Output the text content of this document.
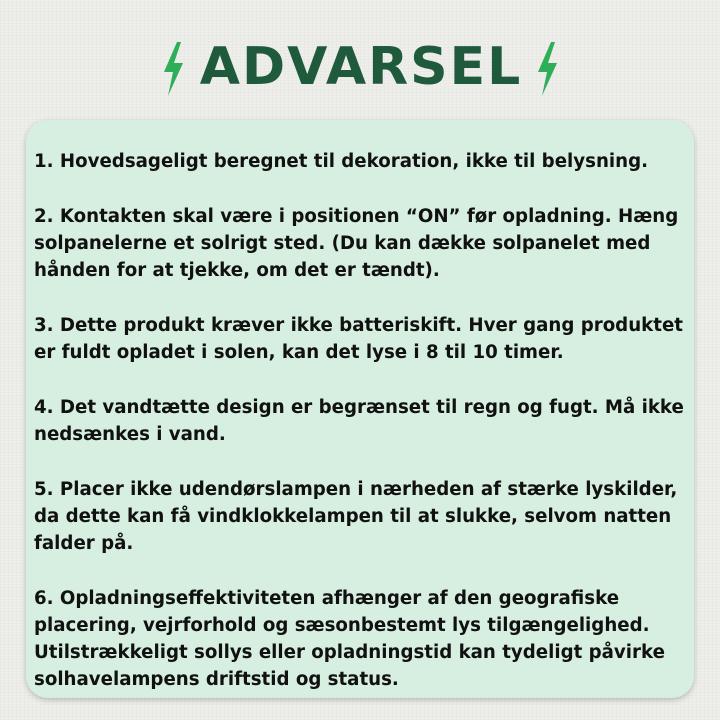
ADVARSEL

1. Hovedsageligt beregnet til dekoration, ikke til belysning.

2. Kontakten skal være i positionen “ON” før opladning. Hæng solpanelerne et solrigt sted. (Du kan dække solpanelet med hånden for at tjekke, om det er tændt).

3. Dette produkt kræver ikke batteriskift. Hver gang produktet er fuldt opladet i solen, kan det lyse i 8 til 10 timer.

4. Det vandtætte design er begrænset til regn og fugt. Må ikke nedsænkes i vand.

5. Placer ikke udendørslampen i nærheden af stærke lyskilder, da dette kan få vindklokkelampen til at slukke, selvom natten falder på.

6. Opladningseffektiviteten afhænger af den geografiske placering, vejrforhold og sæsonbestemt lys tilgængelighed. Utilstrækkeligt sollys eller opladningstid kan tydeligt påvirke solhavelampens driftstid og status.
